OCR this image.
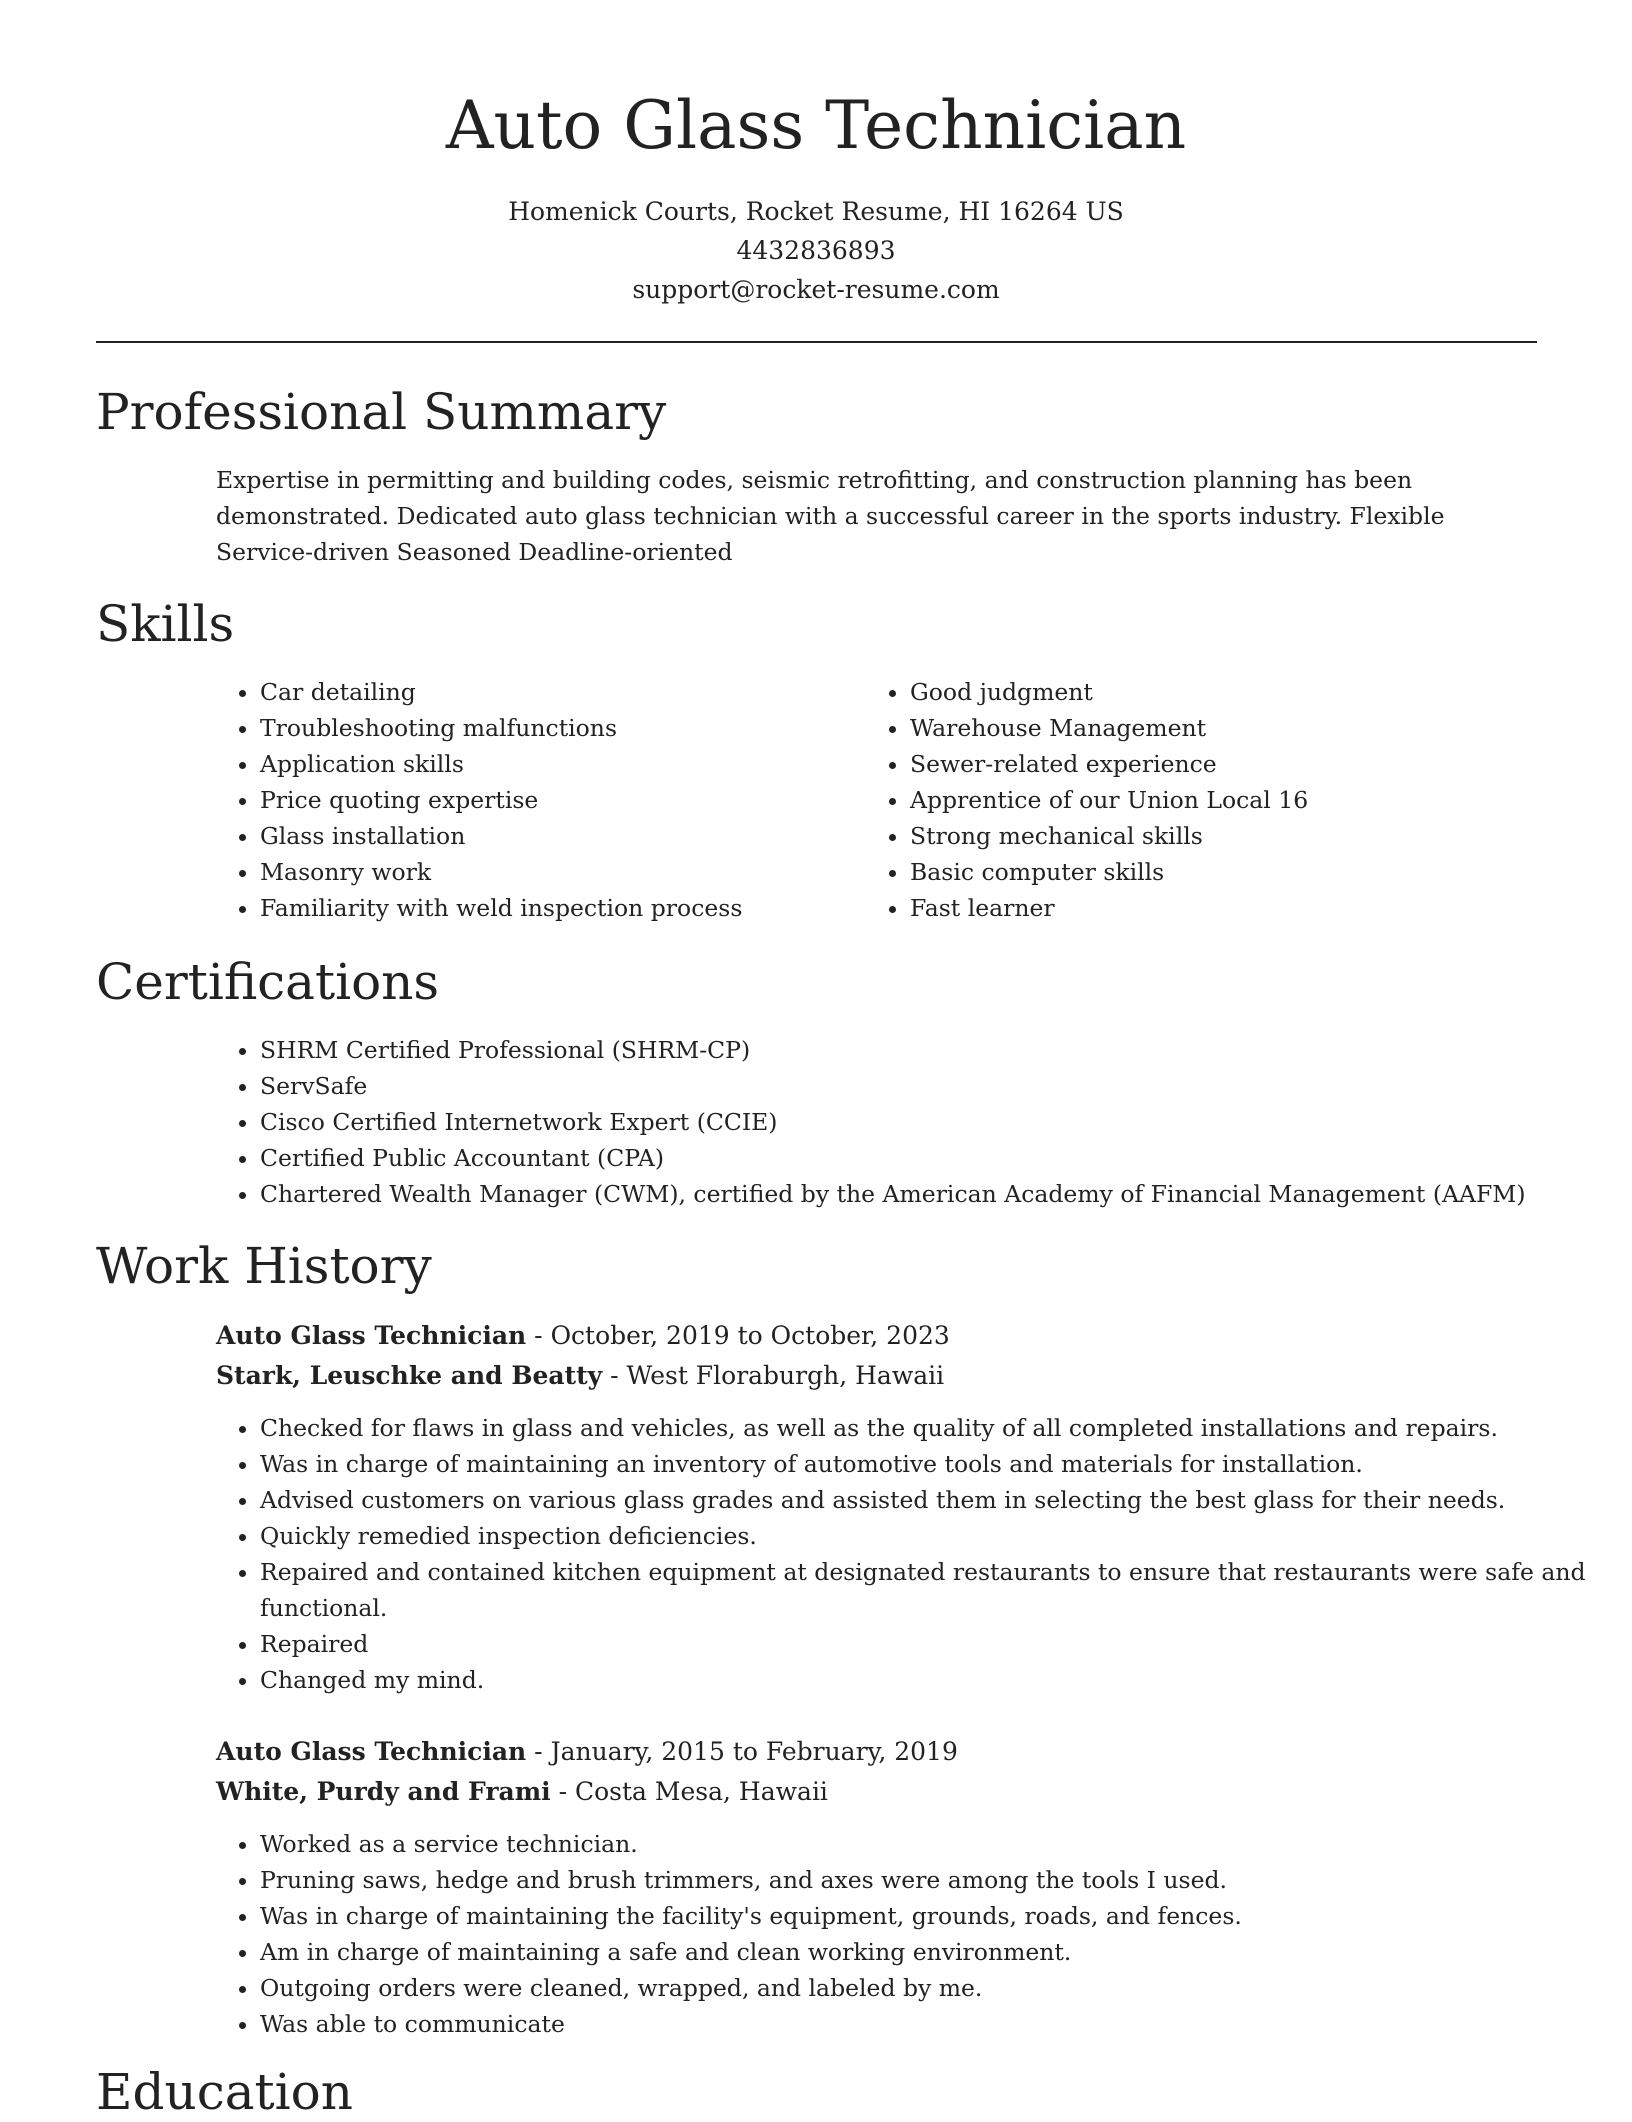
Auto Glass Technician
Homenick Courts, Rocket Resume, HI 16264 US
4432836893
support@rocket-resume.com
Professional Summary
Expertise in permitting and building codes, seismic retrofitting, and construction planning has been demonstrated. Dedicated auto glass technician with a successful career in the sports industry. Flexible Service-driven Seasoned Deadline-oriented
Skills
• Car detailing
• Troubleshooting malfunctions
• Application skills
• Price quoting expertise
• Glass installation
• Masonry work
• Familiarity with weld inspection process
• Good judgment
• Warehouse Management
• Sewer-related experience
• Apprentice of our Union Local 16
• Strong mechanical skills
• Basic computer skills
• Fast learner
Certifications
• SHRM Certified Professional (SHRM-CP)
• ServSafe
• Cisco Certified Internetwork Expert (CCIE)
• Certified Public Accountant (CPA)
• Chartered Wealth Manager (CWM), certified by the American Academy of Financial Management (AAFM)
Work History
Auto Glass Technician - October, 2019 to October, 2023
Stark, Leuschke and Beatty - West Floraburgh, Hawaii
• Checked for flaws in glass and vehicles, as well as the quality of all completed installations and repairs.
• Was in charge of maintaining an inventory of automotive tools and materials for installation.
• Advised customers on various glass grades and assisted them in selecting the best glass for their needs.
• Quickly remedied inspection deficiencies.
• Repaired and contained kitchen equipment at designated restaurants to ensure that restaurants were safe and functional.
• Repaired
• Changed my mind.
Auto Glass Technician - January, 2015 to February, 2019
White, Purdy and Frami - Costa Mesa, Hawaii
• Worked as a service technician.
• Pruning saws, hedge and brush trimmers, and axes were among the tools I used.
• Was in charge of maintaining the facility's equipment, grounds, roads, and fences.
• Am in charge of maintaining a safe and clean working environment.
• Outgoing orders were cleaned, wrapped, and labeled by me.
• Was able to communicate
Education
